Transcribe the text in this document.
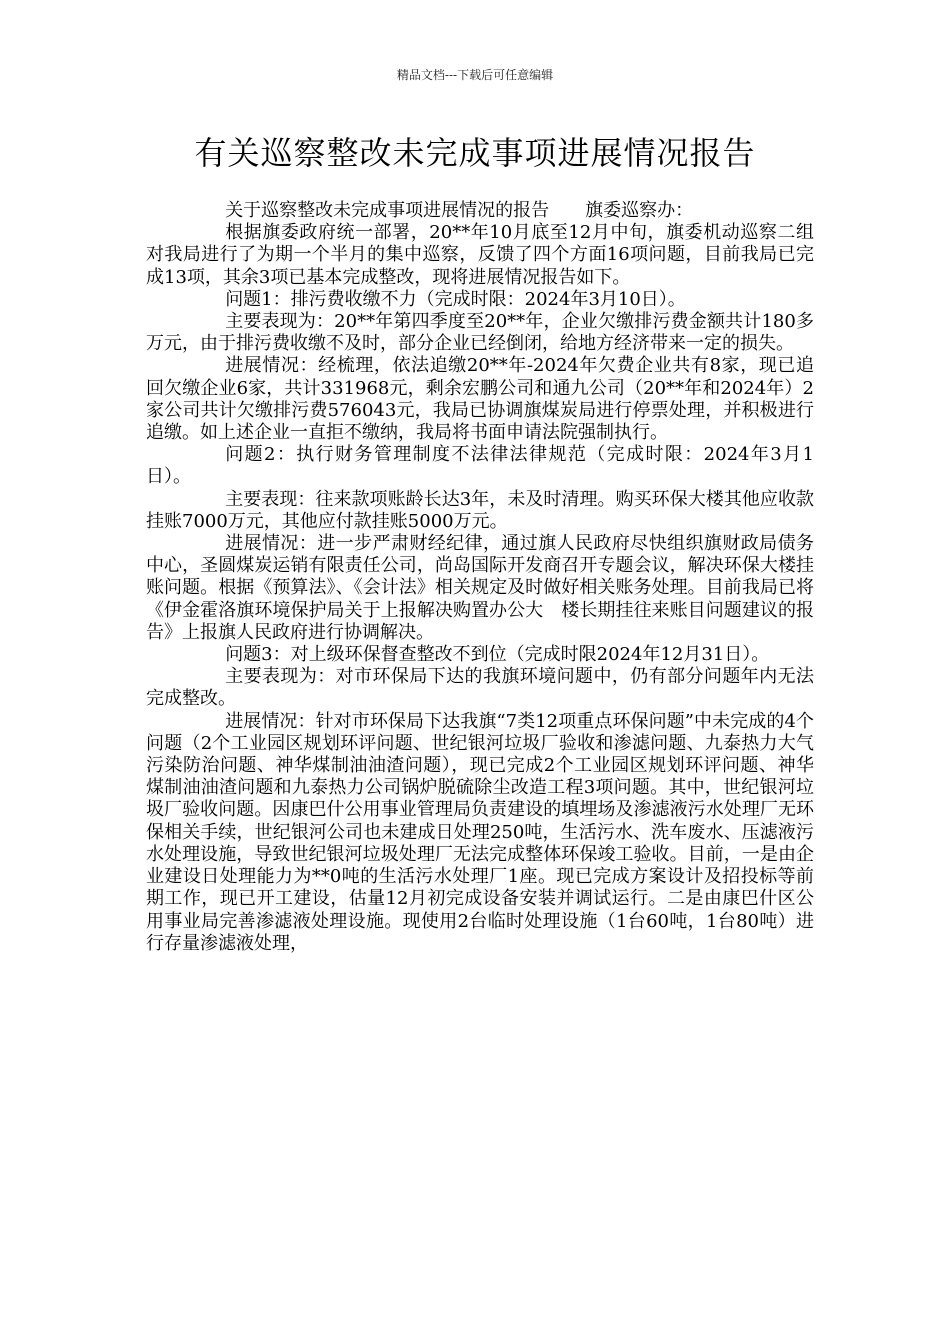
精品文档---下载后可任意编辑
有关巡察整改未完成事项进展情况报告

关于巡察整改未完成事项进展情况的报告　　旗委巡察办：

根据旗委政府统一部署，20**年10月底至12月中旬，旗委机动巡察二组对我局进行了为期一个半月的集中巡察，反馈了四个方面16项问题，目前我局已完成13项，其余3项已基本完成整改，现将进展情况报告如下。

问题1：排污费收缴不力（完成时限：2024年3月10日）。

主要表现为：20**年第四季度至20**年，企业欠缴排污费金额共计180多万元，由于排污费收缴不及时，部分企业已经倒闭，给地方经济带来一定的损失。

进展情况：经梳理，依法追缴20**年-2024年欠费企业共有8家，现已追回欠缴企业6家，共计331968元，剩余宏鹏公司和通九公司（20**年和2024年）2家公司共计欠缴排污费576043元，我局已协调旗煤炭局进行停票处理，并积极进行追缴。如上述企业一直拒不缴纳，我局将书面申请法院强制执行。

问题2：执行财务管理制度不法律法律规范（完成时限：2024年3月1日）。

主要表现：往来款项账龄长达3年，未及时清理。购买环保大楼其他应收款挂账7000万元，其他应付款挂账5000万元。

进展情况：进一步严肃财经纪律，通过旗人民政府尽快组织旗财政局债务中心，圣圆煤炭运销有限责任公司，尚岛国际开发商召开专题会议，解决环保大楼挂账问题。根据《预算法》、《会计法》相关规定及时做好相关账务处理。目前我局已将《伊金霍洛旗环境保护局关于上报解决购置办公大　楼长期挂往来账目问题建议的报告》上报旗人民政府进行协调解决。

问题3：对上级环保督查整改不到位（完成时限2024年12月31日）。

主要表现为：对市环保局下达的我旗环境问题中，仍有部分问题年内无法完成整改。

进展情况：针对市环保局下达我旗“7类12项重点环保问题”中未完成的4个问题（2个工业园区规划环评问题、世纪银河垃圾厂验收和渗滤问题、九泰热力大气污染防治问题、神华煤制油油渣问题），现已完成2个工业园区规划环评问题、神华煤制油油渣问题和九泰热力公司锅炉脱硫除尘改造工程3项问题。其中，世纪银河垃圾厂验收问题。因康巴什公用事业管理局负责建设的填埋场及渗滤液污水处理厂无环保相关手续，世纪银河公司也未建成日处理250吨，生活污水、洗车废水、压滤液污水处理设施，导致世纪银河垃圾处理厂无法完成整体环保竣工验收。目前，一是由企业建设日处理能力为**0吨的生活污水处理厂1座。现已完成方案设计及招投标等前期工作，现已开工建设，估量12月初完成设备安装并调试运行。二是由康巴什区公用事业局完善渗滤液处理设施。现使用2台临时处理设施（1台60吨，1台80吨）进行存量渗滤液处理，
